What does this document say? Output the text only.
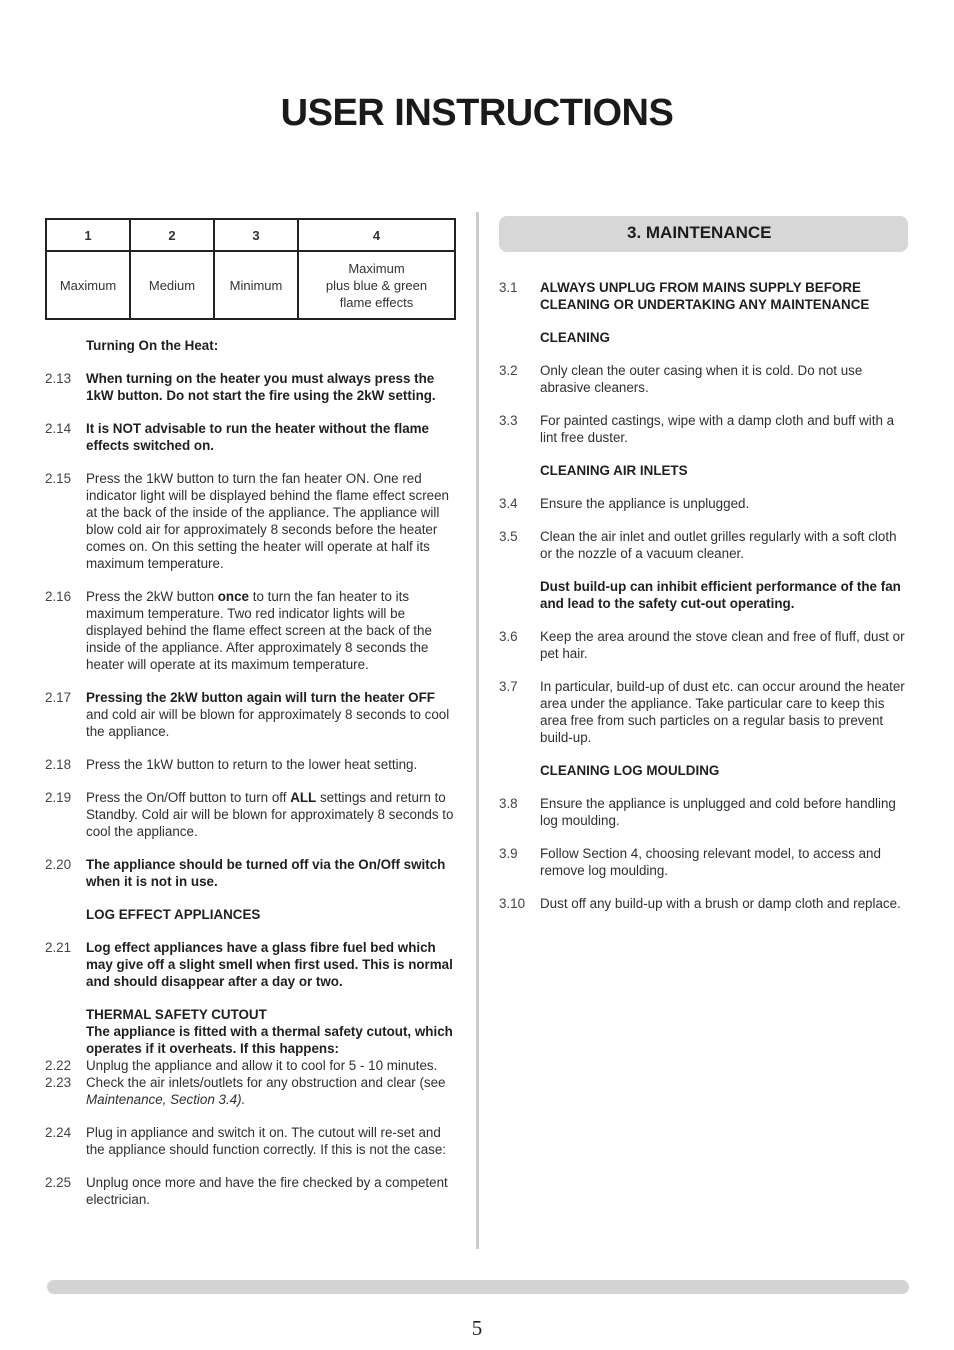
USER INSTRUCTIONS
1	2	3	4
Maximum	Medium	Minimum	Maximum
plus blue & green
flame effects
Turning On the Heat:
2.13	When turning on the heater you must always press the 1kW button. Do not start the fire using the 2kW setting.
2.14	It is NOT advisable to run the heater without the flame effects switched on.
2.15	Press the 1kW button to turn the fan heater ON. One red indicator light will be displayed behind the flame effect screen at the back of the inside of the appliance. The appliance will blow cold air for approximately 8 seconds before the heater comes on. On this setting the heater will operate at half its maximum temperature.
2.16	Press the 2kW button once to turn the fan heater to its maximum temperature. Two red indicator lights will be displayed behind the flame effect screen at the back of the inside of the appliance. After approximately 8 seconds the heater will operate at its maximum temperature.
2.17	Pressing the 2kW button again will turn the heater OFF and cold air will be blown for approximately 8 seconds to cool the appliance.
2.18	Press the 1kW button to return to the lower heat setting.
2.19	Press the On/Off button to turn off ALL settings and return to Standby. Cold air will be blown for approximately 8 seconds to cool the appliance.
2.20	The appliance should be turned off via the On/Off switch when it is not in use.
LOG EFFECT APPLIANCES
2.21	Log effect appliances have a glass fibre fuel bed which may give off a slight smell when first used. This is normal and should disappear after a day or two.
THERMAL SAFETY CUTOUT
The appliance is fitted with a thermal safety cutout, which operates if it overheats. If this happens:
2.22	Unplug the appliance and allow it to cool for 5 - 10 minutes.
2.23	Check the air inlets/outlets for any obstruction and clear (see Maintenance, Section 3.4).
2.24	Plug in appliance and switch it on. The cutout will re-set and the appliance should function correctly. If this is not the case:
2.25	Unplug once more and have the fire checked by a competent electrician.
3. MAINTENANCE
3.1	ALWAYS UNPLUG FROM MAINS SUPPLY BEFORE CLEANING OR UNDERTAKING ANY MAINTENANCE
CLEANING
3.2	Only clean the outer casing when it is cold. Do not use abrasive cleaners.
3.3	For painted castings, wipe with a damp cloth and buff with a lint free duster.
CLEANING AIR INLETS
3.4	Ensure the appliance is unplugged.
3.5	Clean the air inlet and outlet grilles regularly with a soft cloth or the nozzle of a vacuum cleaner.
Dust build-up can inhibit efficient performance of the fan and lead to the safety cut-out operating.
3.6	Keep the area around the stove clean and free of fluff, dust or pet hair.
3.7	In particular, build-up of dust etc. can occur around the heater area under the appliance. Take particular care to keep this area free from such particles on a regular basis to prevent build-up.
CLEANING LOG MOULDING
3.8	Ensure the appliance is unplugged and cold before handling log moulding.
3.9	Follow Section 4, choosing relevant model, to access and remove log moulding.
3.10	Dust off any build-up with a brush or damp cloth and replace.
5
